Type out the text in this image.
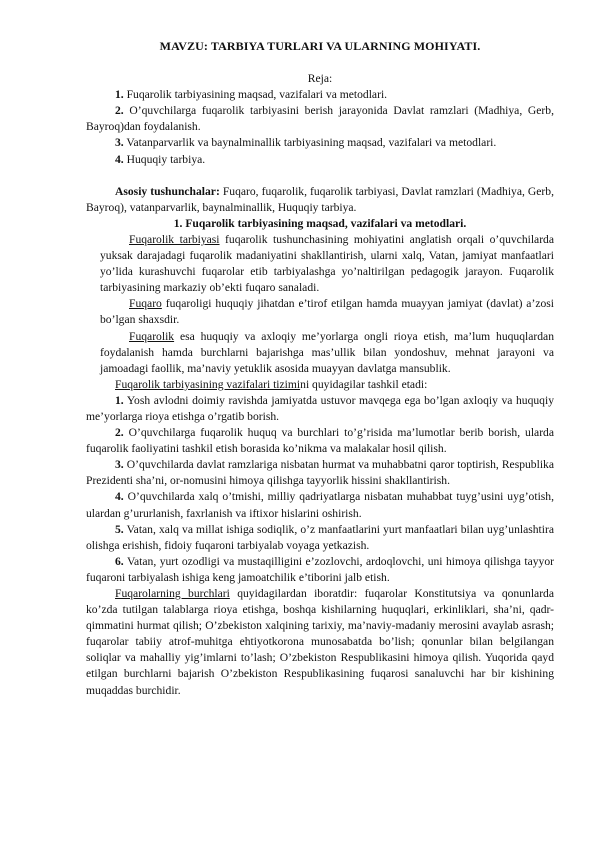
MAVZU: TARBIYA TURLARI VA ULARNING MOHIYATI.

Reja:

1. Fuqarolik tarbiyasining maqsad, vazifalari va metodlari.

2. O’quvchilarga fuqarolik tarbiyasini berish jarayonida Davlat ramzlari (Madhiya, Gerb, Bayroq)dan foydalanish.

3. Vatanparvarlik va baynalminallik tarbiyasining maqsad, vazifalari va metodlari.

4. Huquqiy tarbiya.

Asosiy tushunchalar: Fuqaro, fuqarolik, fuqarolik tarbiyasi, Davlat ramzlari (Madhiya, Gerb, Bayroq), vatanparvarlik, baynalminallik, Huquqiy tarbiya.

1. Fuqarolik tarbiyasining maqsad, vazifalari va metodlari.

Fuqarolik tarbiyasi fuqarolik tushunchasining mohiyatini anglatish orqali o’quvchilarda yuksak darajadagi fuqarolik madaniyatini shakllantirish, ularni xalq, Vatan, jamiyat manfaatlari yo’lida kurashuvchi fuqarolar etib tarbiyalashga yo’naltirilgan pedagogik jarayon. Fuqarolik tarbiyasining markaziy ob’ekti fuqaro sanaladi.

Fuqaro fuqaroligi huquqiy jihatdan e’tirof etilgan hamda muayyan jamiyat (davlat) a’zosi bo’lgan shaxsdir.

Fuqarolik esa huquqiy va axloqiy me’yorlarga ongli rioya etish, ma’lum huquqlardan foydalanish hamda burchlarni bajarishga mas’ullik bilan yondoshuv, mehnat jarayoni va jamoadagi faollik, ma’naviy yetuklik asosida muayyan davlatga mansublik.

Fuqarolik tarbiyasining vazifalari tizimini quyidagilar tashkil etadi:

1. Yosh avlodni doimiy ravishda jamiyatda ustuvor mavqega ega bo’lgan axloqiy va huquqiy me’yorlarga rioya etishga o’rgatib borish.

2. O’quvchilarga fuqarolik huquq va burchlari to’g’risida ma’lumotlar berib borish, ularda fuqarolik faoliyatini tashkil etish borasida ko’nikma va malakalar hosil qilish.

3. O’quvchilarda davlat ramzlariga nisbatan hurmat va muhabbatni qaror toptirish, Respublika Prezidenti sha’ni, or-nomusini himoya qilishga tayyorlik hissini shakllantirish.

4. O’quvchilarda xalq o’tmishi, milliy qadriyatlarga nisbatan muhabbat tuyg’usini uyg’otish, ulardan g’ururlanish, faxrlanish va iftixor hislarini oshirish.

5. Vatan, xalq va millat ishiga sodiqlik, o’z manfaatlarini yurt manfaatlari bilan uyg’unlashtira olishga erishish, fidoiy fuqaroni tarbiyalab voyaga yetkazish.

6. Vatan, yurt ozodligi va mustaqilligini e’zozlovchi, ardoqlovchi, uni himoya qilishga tayyor fuqaroni tarbiyalash ishiga keng jamoatchilik e’tiborini jalb etish.

Fuqarolarning burchlari quyidagilardan iboratdir: fuqarolar Konstitutsiya va qonunlarda ko’zda tutilgan talablarga rioya etishga, boshqa kishilarning huquqlari, erkinliklari, sha’ni, qadr-qimmatini hurmat qilish; O’zbekiston xalqining tarixiy, ma’naviy-madaniy merosini avaylab asrash; fuqarolar tabiiy atrof-muhitga ehtiyotkorona munosabatda bo’lish; qonunlar bilan belgilangan soliqlar va mahalliy yig’imlarni to’lash; O’zbekiston Respublikasini himoya qilish. Yuqorida qayd etilgan burchlarni bajarish O’zbekiston Respublikasining fuqarosi sanaluvchi har bir kishining muqaddas burchidir.
